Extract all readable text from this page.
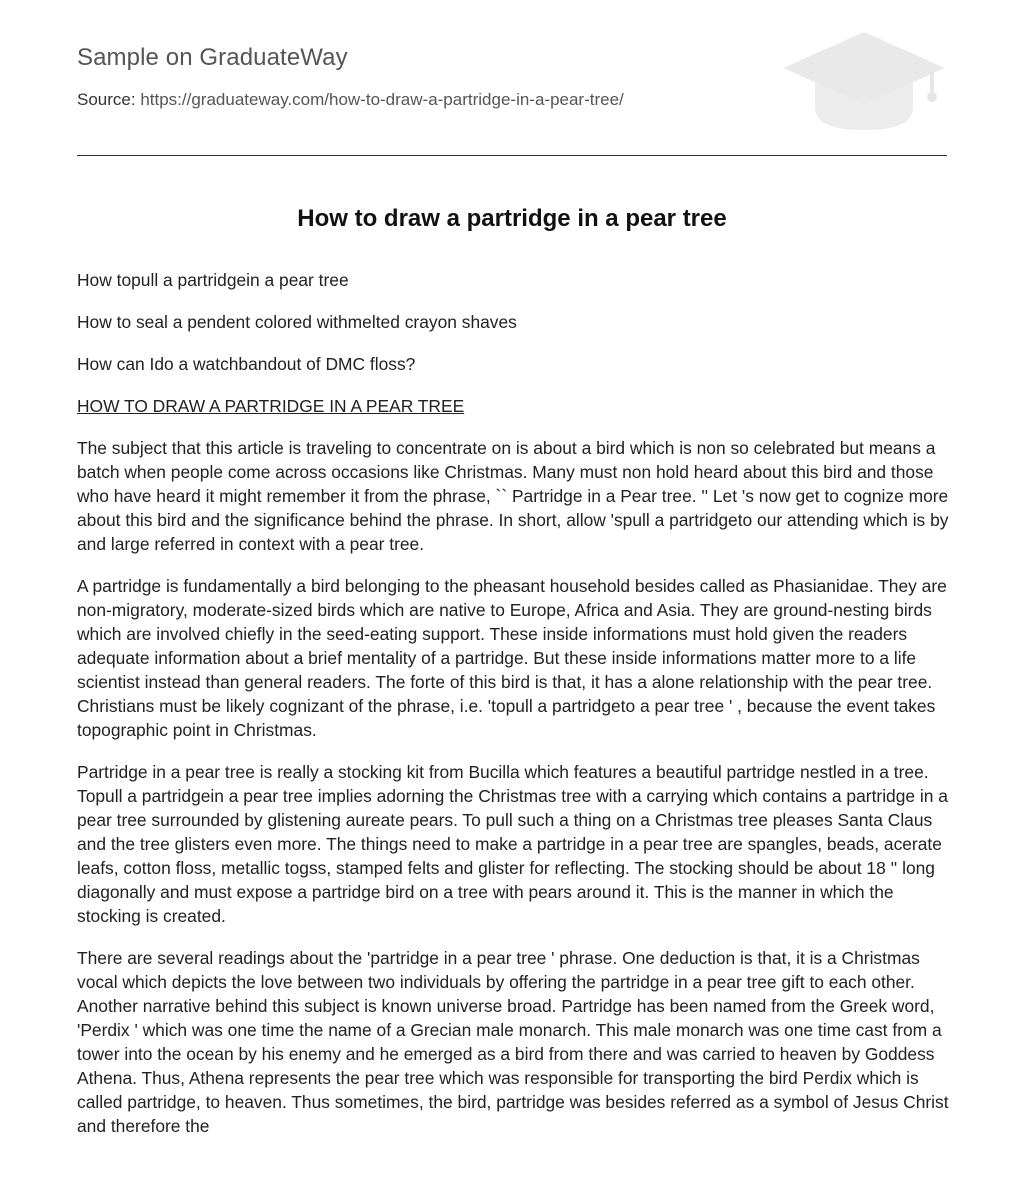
Sample on GraduateWay
Source: https://graduateway.com/how-to-draw-a-partridge-in-a-pear-tree/
How to draw a partridge in a pear tree

How topull a partridgein a pear tree

How to seal a pendent colored withmelted crayon shaves

How can Ido a watchbandout of DMC floss?

HOW TO DRAW A PARTRIDGE IN A PEAR TREE

The subject that this article is traveling to concentrate on is about a bird which is non so celebrated but means a batch when people come across occasions like Christmas. Many must non hold heard about this bird and those who have heard it might remember it from the phrase, `` Partridge in a Pear tree. '' Let 's now get to cognize more about this bird and the significance behind the phrase. In short, allow 'spull a partridgeto our attending which is by and large referred in context with a pear tree.

A partridge is fundamentally a bird belonging to the pheasant household besides called as Phasianidae. They are non-migratory, moderate-sized birds which are native to Europe, Africa and Asia. They are ground-nesting birds which are involved chiefly in the seed-eating support. These inside informations must hold given the readers adequate information about a brief mentality of a partridge. But these inside informations matter more to a life scientist instead than general readers. The forte of this bird is that, it has a alone relationship with the pear tree. Christians must be likely cognizant of the phrase, i.e. 'topull a partridgeto a pear tree ' , because the event takes topographic point in Christmas.

Partridge in a pear tree is really a stocking kit from Bucilla which features a beautiful partridge nestled in a tree. Topull a partridgein a pear tree implies adorning the Christmas tree with a carrying which contains a partridge in a pear tree surrounded by glistening aureate pears. To pull such a thing on a Christmas tree pleases Santa Claus and the tree glisters even more. The things need to make a partridge in a pear tree are spangles, beads, acerate leafs, cotton floss, metallic togss, stamped felts and glister for reflecting. The stocking should be about 18 '' long diagonally and must expose a partridge bird on a tree with pears around it. This is the manner in which the stocking is created.

There are several readings about the 'partridge in a pear tree ' phrase. One deduction is that, it is a Christmas vocal which depicts the love between two individuals by offering the partridge in a pear tree gift to each other. Another narrative behind this subject is known universe broad. Partridge has been named from the Greek word, 'Perdix ' which was one time the name of a Grecian male monarch. This male monarch was one time cast from a tower into the ocean by his enemy and he emerged as a bird from there and was carried to heaven by Goddess Athena. Thus, Athena represents the pear tree which was responsible for transporting the bird Perdix which is called partridge, to heaven. Thus sometimes, the bird, partridge was besides referred as a symbol of Jesus Christ and therefore the
